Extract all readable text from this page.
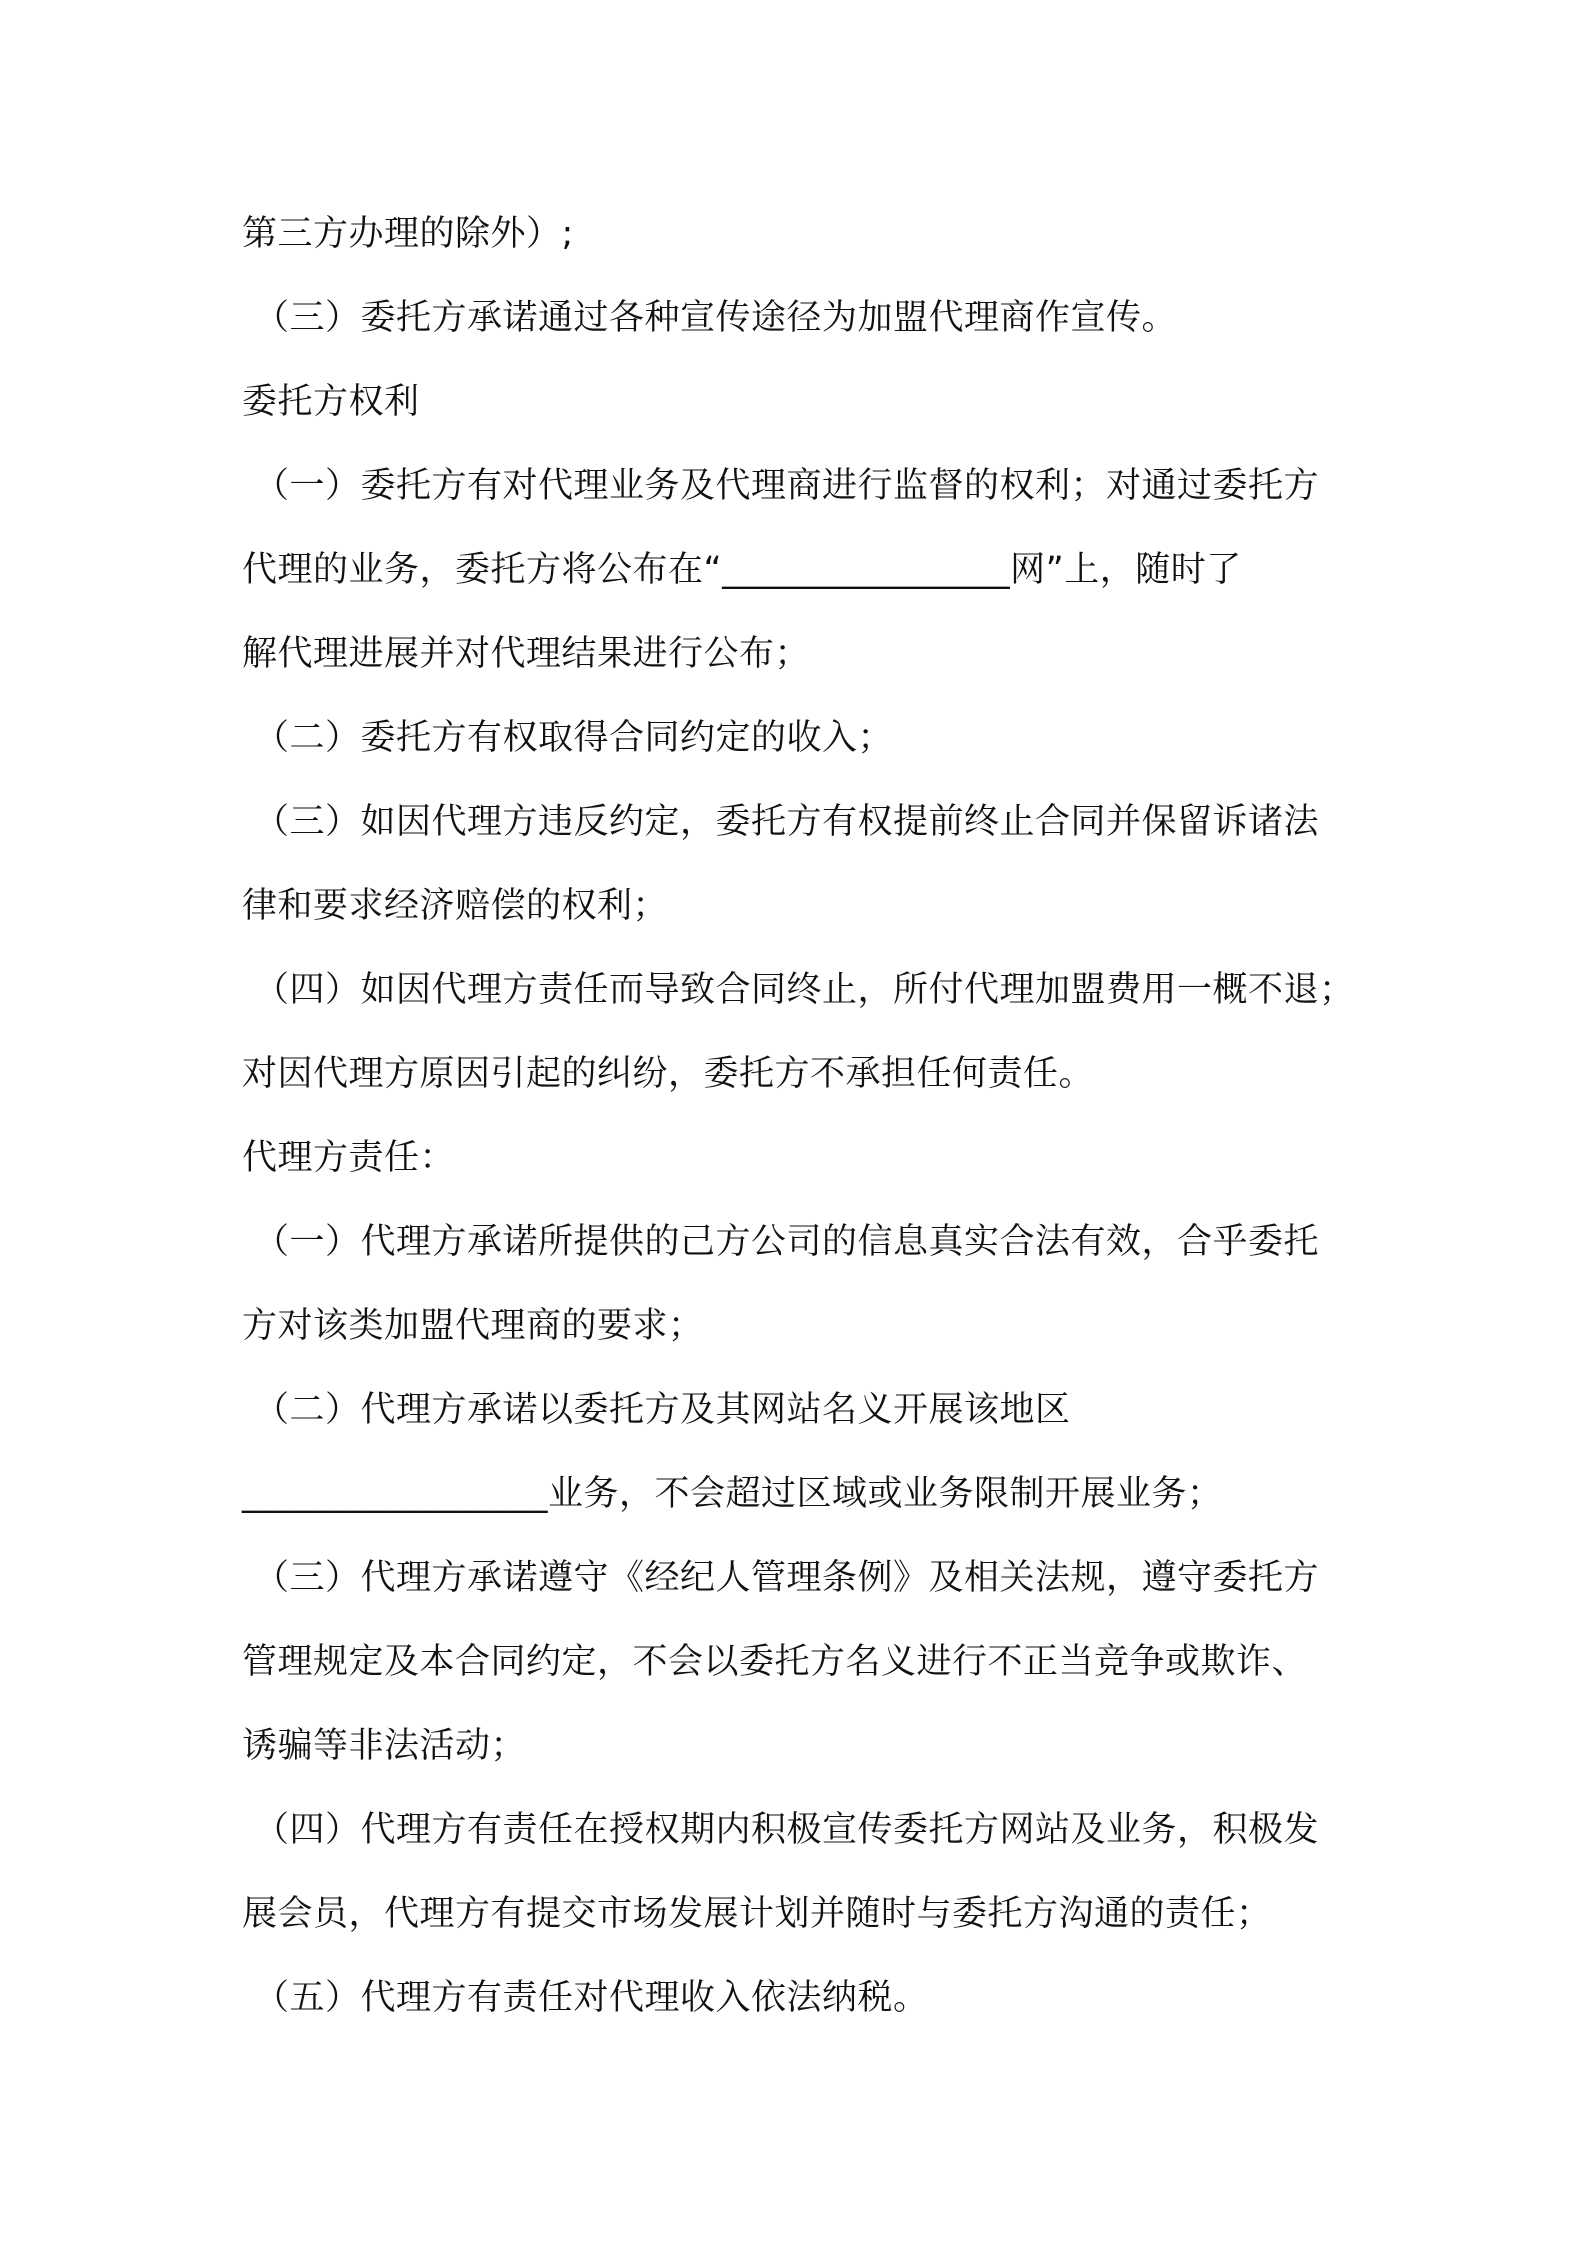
第三方办理的除外）;
（三）委托方承诺通过各种宣传途径为加盟代理商作宣传。
委托方权利
（一）委托方有对代理业务及代理商进行监督的权利；对通过委托方
代理的业务，委托方将公布在“________________网”上，随时了
解代理进展并对代理结果进行公布；
（二）委托方有权取得合同约定的收入；
（三）如因代理方违反约定，委托方有权提前终止合同并保留诉诸法
律和要求经济赔偿的权利；
（四）如因代理方责任而导致合同终止，所付代理加盟费用一概不退；
对因代理方原因引起的纠纷，委托方不承担任何责任。
代理方责任：
（一）代理方承诺所提供的己方公司的信息真实合法有效，合乎委托
方对该类加盟代理商的要求；
（二）代理方承诺以委托方及其网站名义开展该地区
_________________业务，不会超过区域或业务限制开展业务；
（三）代理方承诺遵守《经纪人管理条例》及相关法规，遵守委托方
管理规定及本合同约定，不会以委托方名义进行不正当竞争或欺诈、
诱骗等非法活动；
（四）代理方有责任在授权期内积极宣传委托方网站及业务，积极发
展会员，代理方有提交市场发展计划并随时与委托方沟通的责任；
（五）代理方有责任对代理收入依法纳税。
